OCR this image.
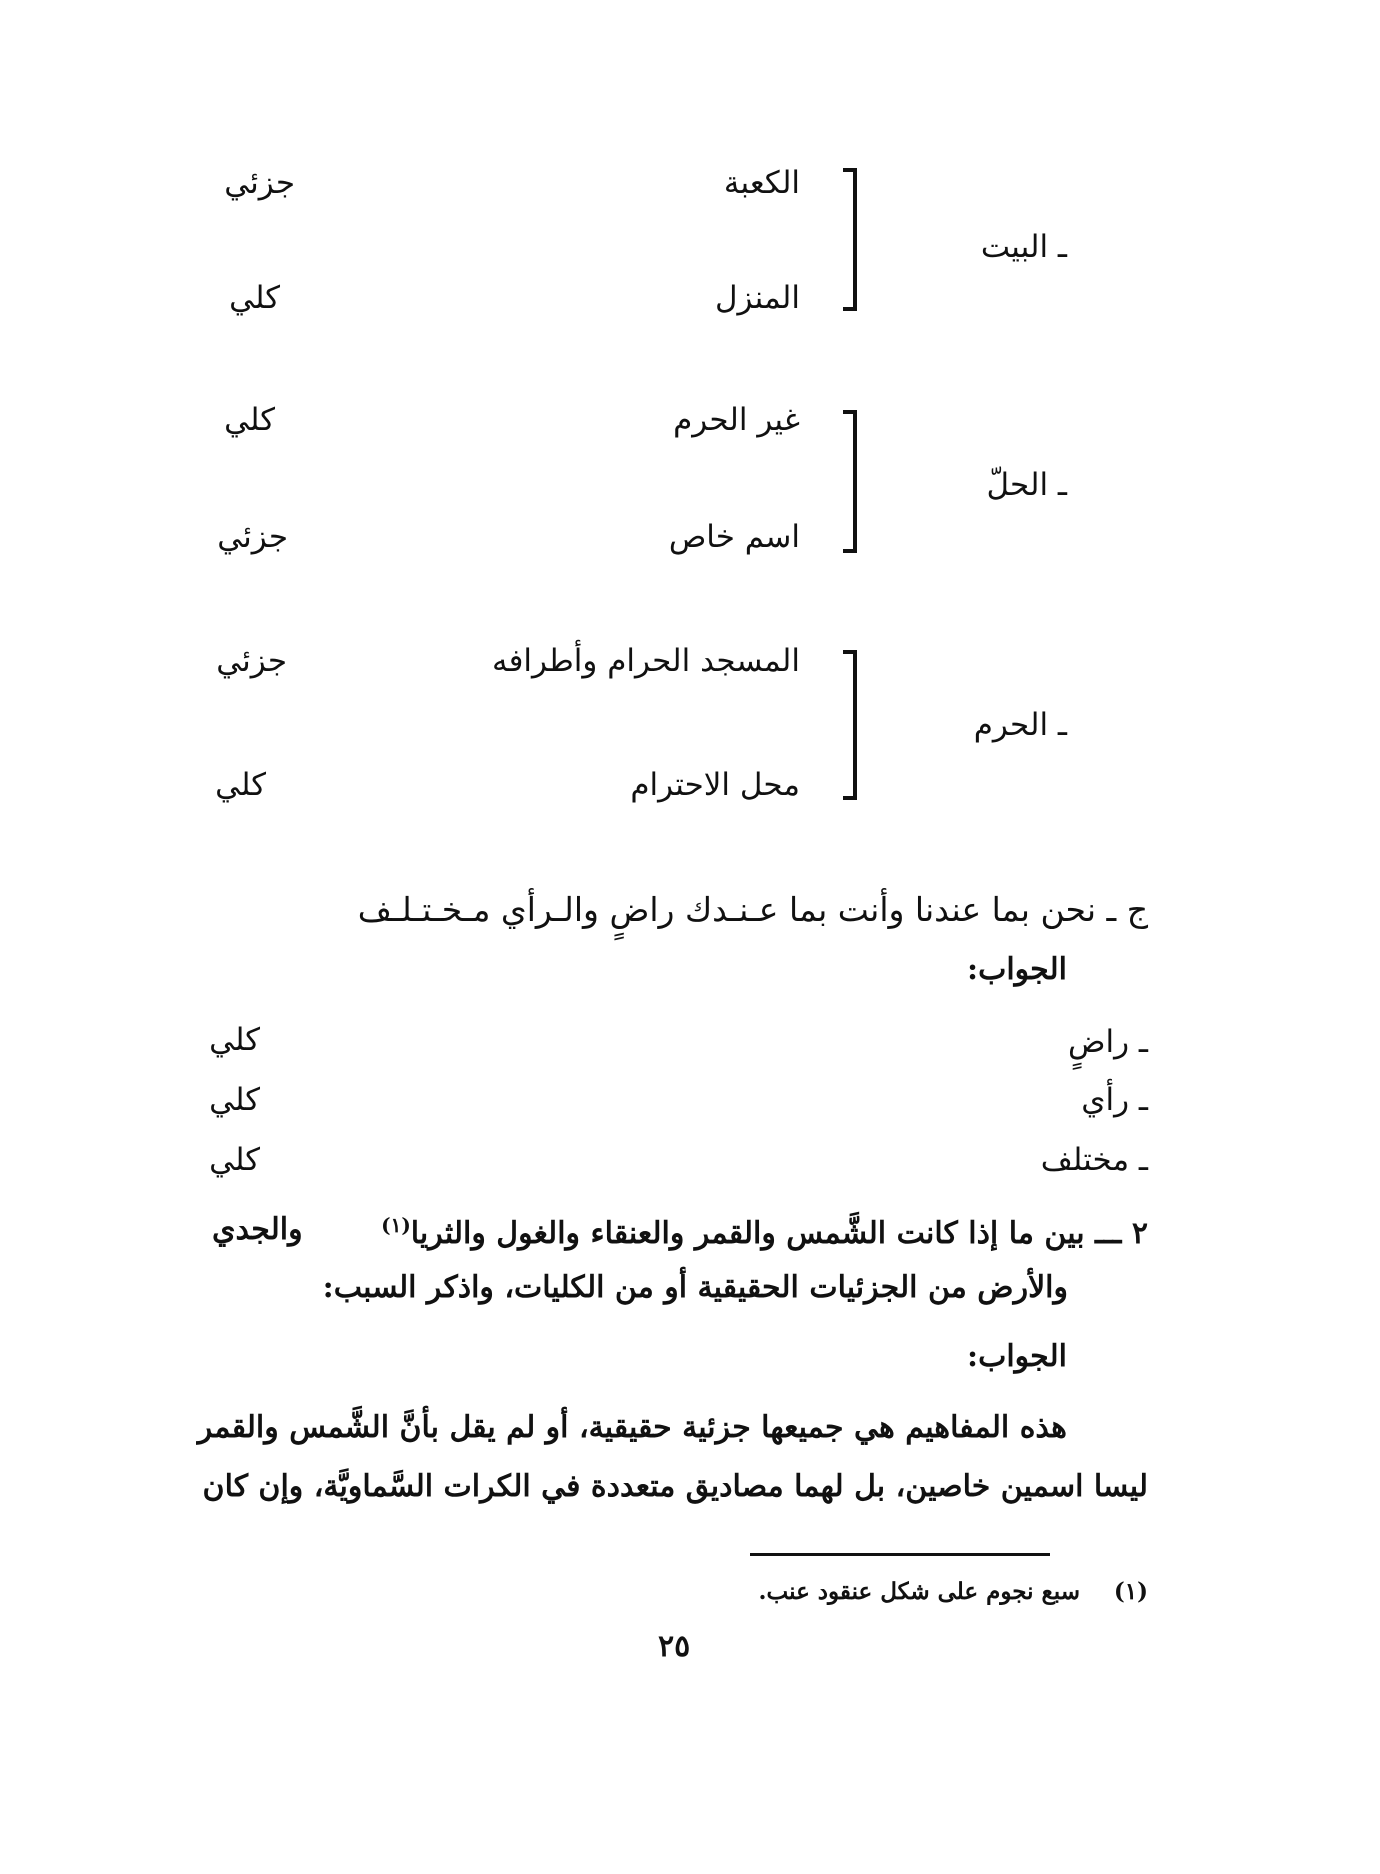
ـ البيت
الكعبة
المنزل
جزئي
كلي
ـ الحلّ
غير الحرم
اسم خاص
كلي
جزئي
ـ الحرم
المسجد الحرام وأطرافه
محل الاحترام
جزئي
كلي
ج ـ نحن بما عندنا وأنت بما عـنـدك راضٍ والـرأي مـخـتـلـف
الجواب:
ـ راضٍ
كلي
ـ رأي
كلي
ـ مختلف
كلي
٢ ـــ بين ما إذا كانت الشَّمس والقمر والعنقاء والغول والثريا$^{(١)}$
والجدي
والأرض من الجزئيات الحقيقية أو من الكليات، واذكر السبب:
الجواب:
هذه المفاهيم هي جميعها جزئية حقيقية، أو لم يقل بأنَّ الشَّمس والقمر
ليسا اسمين خاصين، بل لهما مصاديق متعددة في الكرات السَّماويَّة، وإن كان
(١)
سبع نجوم على شكل عنقود عنب.
٢٥
